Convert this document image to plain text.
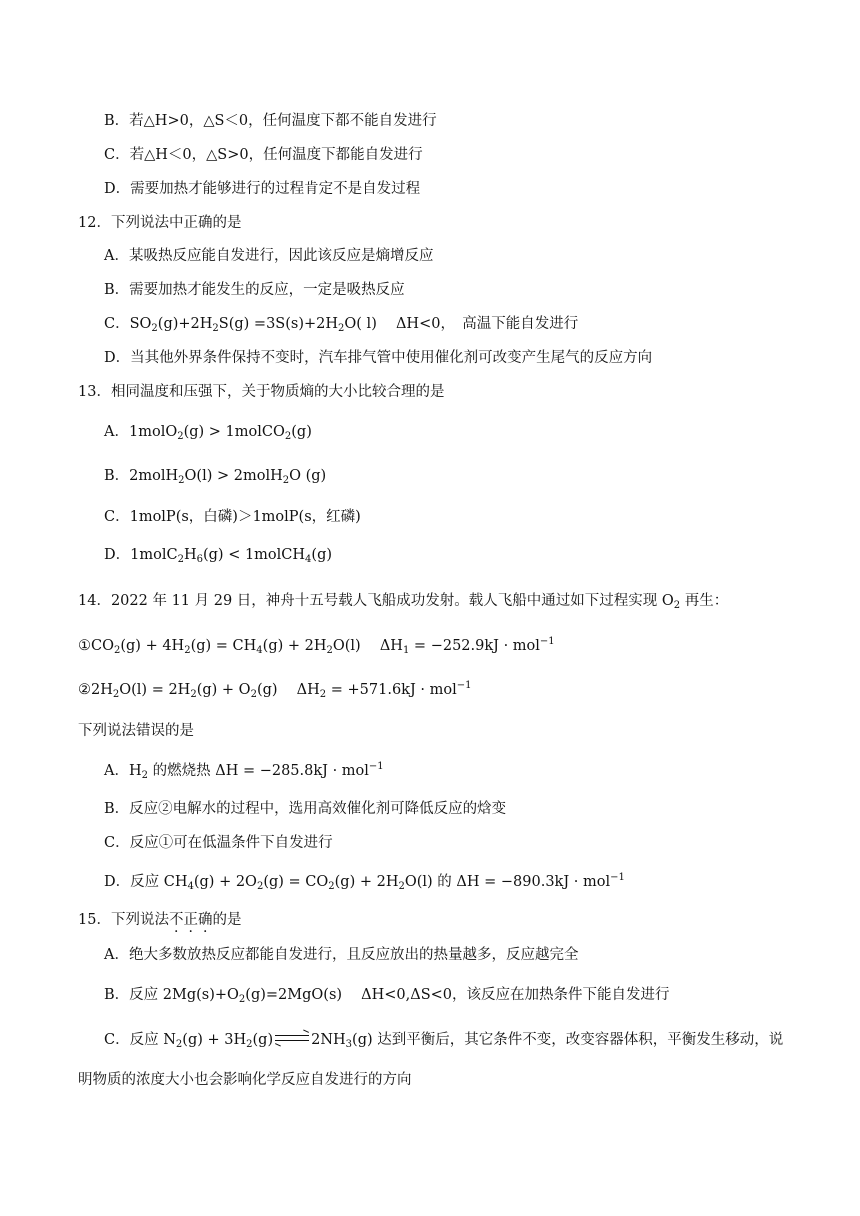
B．若△H>0，△S＜0，任何温度下都不能自发进行
C．若△H＜0，△S>0，任何温度下都能自发进行
D．需要加热才能够进行的过程肯定不是自发过程
12．下列说法中正确的是
A．某吸热反应能自发进行，因此该反应是熵增反应
B．需要加热才能发生的反应，一定是吸热反应
C．$SO_2(g)+2H_2S(g) =3S(s)+2H_2O$( l)　 ΔH<0，　高温下能自发进行
D．当其他外界条件保持不变时，汽车排气管中使用催化剂可改变产生尾气的反应方向
13．相同温度和压强下，关于物质熵的大小比较合理的是
A．1molO$_2$(g) > 1molCO$_2$(g)
B．2molH$_2$O(l) > 2molH$_2$O (g)
C．1molP(s，白磷)＞1molP(s，红磷)
D．$1molC_2H_6(g)$ < 1molCH$_4$(g)
14．2022 年 11 月 29 日，神舟十五号载人飞船成功发射。载人飞船中通过如下过程实现 $O_2$ 再生：
$①CO_2(g) + 4H_2(g) = CH_4(g) + 2H_2O(l)$　 $\Delta H_1 = -252.9kJ \cdot mol^{-1}$
$②2H_2O(l) = 2H_2(g) + O_2(g)$　 $\Delta H_2 = +571.6kJ \cdot mol^{-1}$
下列说法错误的是
A．$H_2$ 的燃烧热 ΔH = −285.8kJ · mol$^{-1}$
B．反应②电解水的过程中，选用高效催化剂可降低反应的焓变
C．反应①可在低温条件下自发进行
D．反应 $CH_4(g) + 2O_2(g) = CO_2(g) + 2H_2O(l)$ 的 ΔH = −890.3kJ · mol$^{-1}$
15．下列说法不正确的是
A．绝大多数放热反应都能自发进行，且反应放出的热量越多，反应越完全
B．反应 $2Mg(s)+O_2(g)=2MgO(s)$　 ΔH<0,ΔS<0，该反应在加热条件下能自发进行
C．反应 $N_2(g) + 3H_2(g) \to 2NH_3(g)$ 达到平衡后，其它条件不变，改变容器体积，平衡发生移动，说
明物质的浓度大小也会影响化学反应自发进行的方向
